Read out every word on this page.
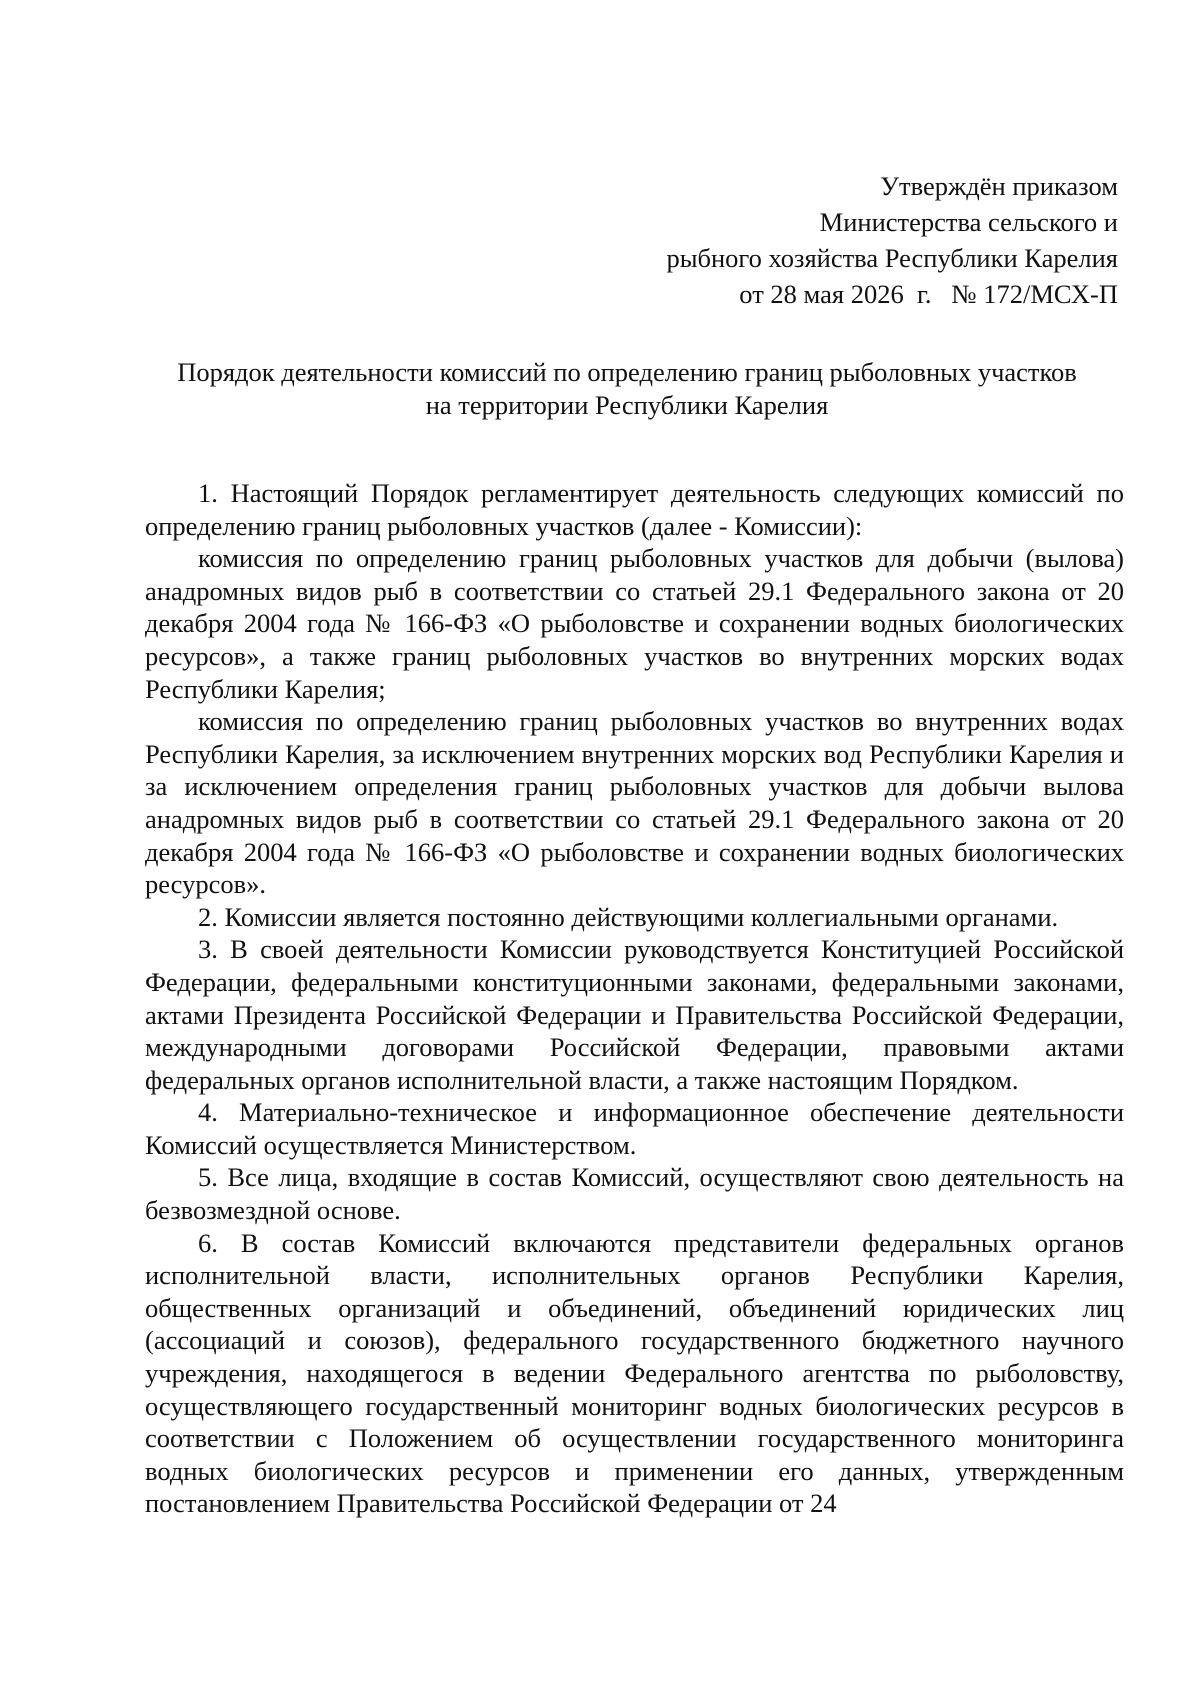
Утверждён приказом
Министерства сельского и
рыбного хозяйства Республики Карелия
от 28 мая 2026  г.   № 172/МСХ-П
Порядок деятельности комиссий по определению границ рыболовных участков
на территории Республики Карелия

1. Настоящий Порядок регламентирует деятельность следующих комиссий по определению границ рыболовных участков (далее - Комиссии):

комиссия по определению границ рыболовных участков для добычи (вылова) анадромных видов рыб в соответствии со статьей 29.1 Федерального закона от 20 декабря 2004 года № 166-ФЗ «О рыболовстве и сохранении водных биологических ресурсов», а также границ рыболовных участков во внутренних морских водах Республики Карелия;

комиссия по определению границ рыболовных участков во внутренних водах Республики Карелия, за исключением внутренних морских вод Республики Карелия и за исключением определения границ рыболовных участков для добычи вылова анадромных видов рыб в соответствии со статьей 29.1 Федерального закона от 20 декабря 2004 года № 166-ФЗ «О рыболовстве и сохранении водных биологических ресурсов».

2. Комиссии является постоянно действующими коллегиальными органами.

3. В своей деятельности Комиссии руководствуется Конституцией Российской Федерации, федеральными конституционными законами, федеральными законами, актами Президента Российской Федерации и Правительства Российской Федерации, международными договорами Российской Федерации, правовыми актами федеральных органов исполнительной власти, а также настоящим Порядком.

4. Материально-техническое и информационное обеспечение деятельности Комиссий осуществляется Министерством.

5. Все лица, входящие в состав Комиссий, осуществляют свою деятельность на безвозмездной основе.

6. В состав Комиссий включаются представители федеральных органов исполнительной власти, исполнительных органов Республики Карелия, общественных организаций и объединений, объединений юридических лиц (ассоциаций и союзов), федерального государственного бюджетного научного учреждения, находящегося в ведении Федерального агентства по рыболовству, осуществляющего государственный мониторинг водных биологических ресурсов в соответствии с Положением об осуществлении государственного мониторинга водных биологических ресурсов и применении его данных, утвержденным постановлением Правительства Российской Федерации от 24
